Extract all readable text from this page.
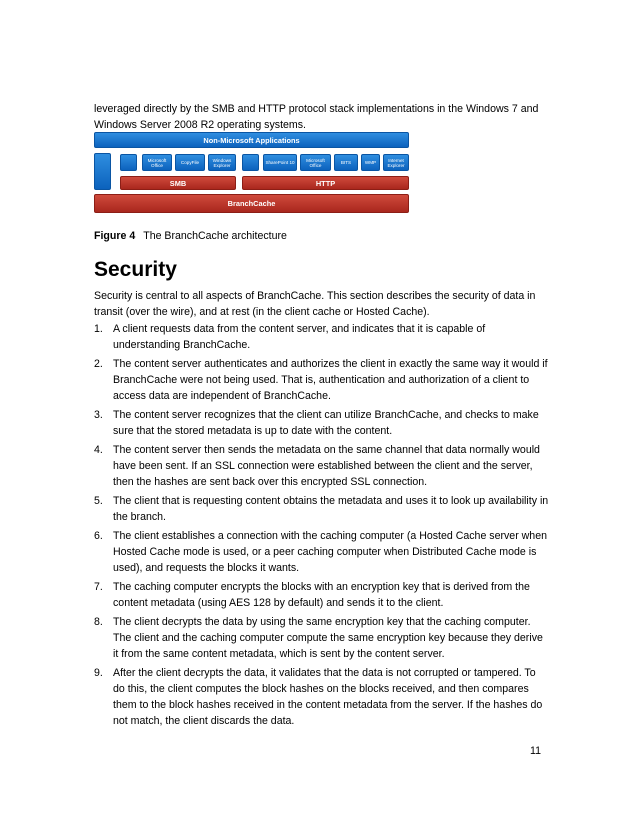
leveraged directly by the SMB and HTTP protocol stack implementations in the Windows 7 and Windows Server 2008 R2 operating systems.
Non-Microsoft Applications
Microsoft Office	CopyFile	Windows Explorer	SharePoint 10	Microsoft Office	BITS	WMP	Internet Explorer
SMB	HTTP
BranchCache
Figure 4 The BranchCache architecture
Security
Security is central to all aspects of BranchCache. This section describes the security of data in transit (over the wire), and at rest (in the client cache or Hosted Cache).
1. A client requests data from the content server, and indicates that it is capable of understanding BranchCache.
2. The content server authenticates and authorizes the client in exactly the same way it would if BranchCache were not being used. That is, authentication and authorization of a client to access data are independent of BranchCache.
3. The content server recognizes that the client can utilize BranchCache, and checks to make sure that the stored metadata is up to date with the content.
4. The content server then sends the metadata on the same channel that data normally would have been sent. If an SSL connection were established between the client and the server, then the hashes are sent back over this encrypted SSL connection.
5. The client that is requesting content obtains the metadata and uses it to look up availability in the branch.
6. The client establishes a connection with the caching computer (a Hosted Cache server when Hosted Cache mode is used, or a peer caching computer when Distributed Cache mode is used), and requests the blocks it wants.
7. The caching computer encrypts the blocks with an encryption key that is derived from the content metadata (using AES 128 by default) and sends it to the client.
8. The client decrypts the data by using the same encryption key that the caching computer. The client and the caching computer compute the same encryption key because they derive it from the same content metadata, which is sent by the content server.
9. After the client decrypts the data, it validates that the data is not corrupted or tampered. To do this, the client computes the block hashes on the blocks received, and then compares them to the block hashes received in the content metadata from the server. If the hashes do not match, the client discards the data.
11
